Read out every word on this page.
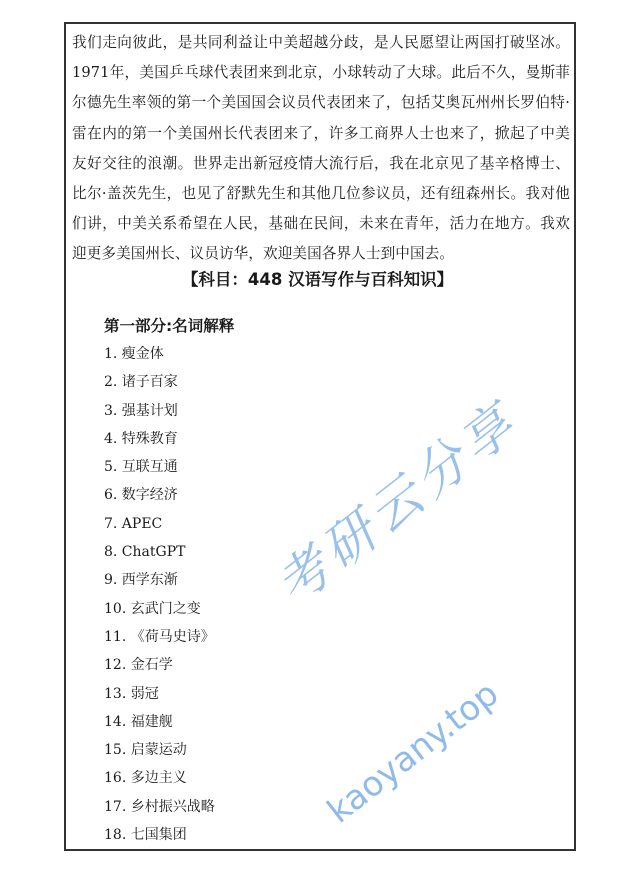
我们走向彼此，是共同利益让中美超越分歧，是人民愿望让两国打破坚冰。1971年，美国乒乓球代表团来到北京，小球转动了大球。此后不久，曼斯菲尔德先生率领的第一个美国国会议员代表团来了，包括艾奥瓦州州长罗伯特·雷在内的第一个美国州长代表团来了，许多工商界人士也来了，掀起了中美友好交往的浪潮。世界走出新冠疫情大流行后，我在北京见了基辛格博士、比尔·盖茨先生，也见了舒默先生和其他几位参议员，还有纽森州长。我对他们讲，中美关系希望在人民，基础在民间，未来在青年，活力在地方。我欢迎更多美国州长、议员访华，欢迎美国各界人士到中国去。
【科目：448 汉语写作与百科知识】
第一部分:名词解释
1. 瘦金体
2. 诸子百家
3. 强基计划
4. 特殊教育
5. 互联互通
6. 数字经济
7. APEC
8. ChatGPT
9. 西学东渐
10. 玄武门之变
11. 《荷马史诗》
12. 金石学
13. 弱冠
14. 福建舰
15. 启蒙运动
16. 多边主义
17. 乡村振兴战略
18. 七国集团
考研云分享
kaoyany.top
